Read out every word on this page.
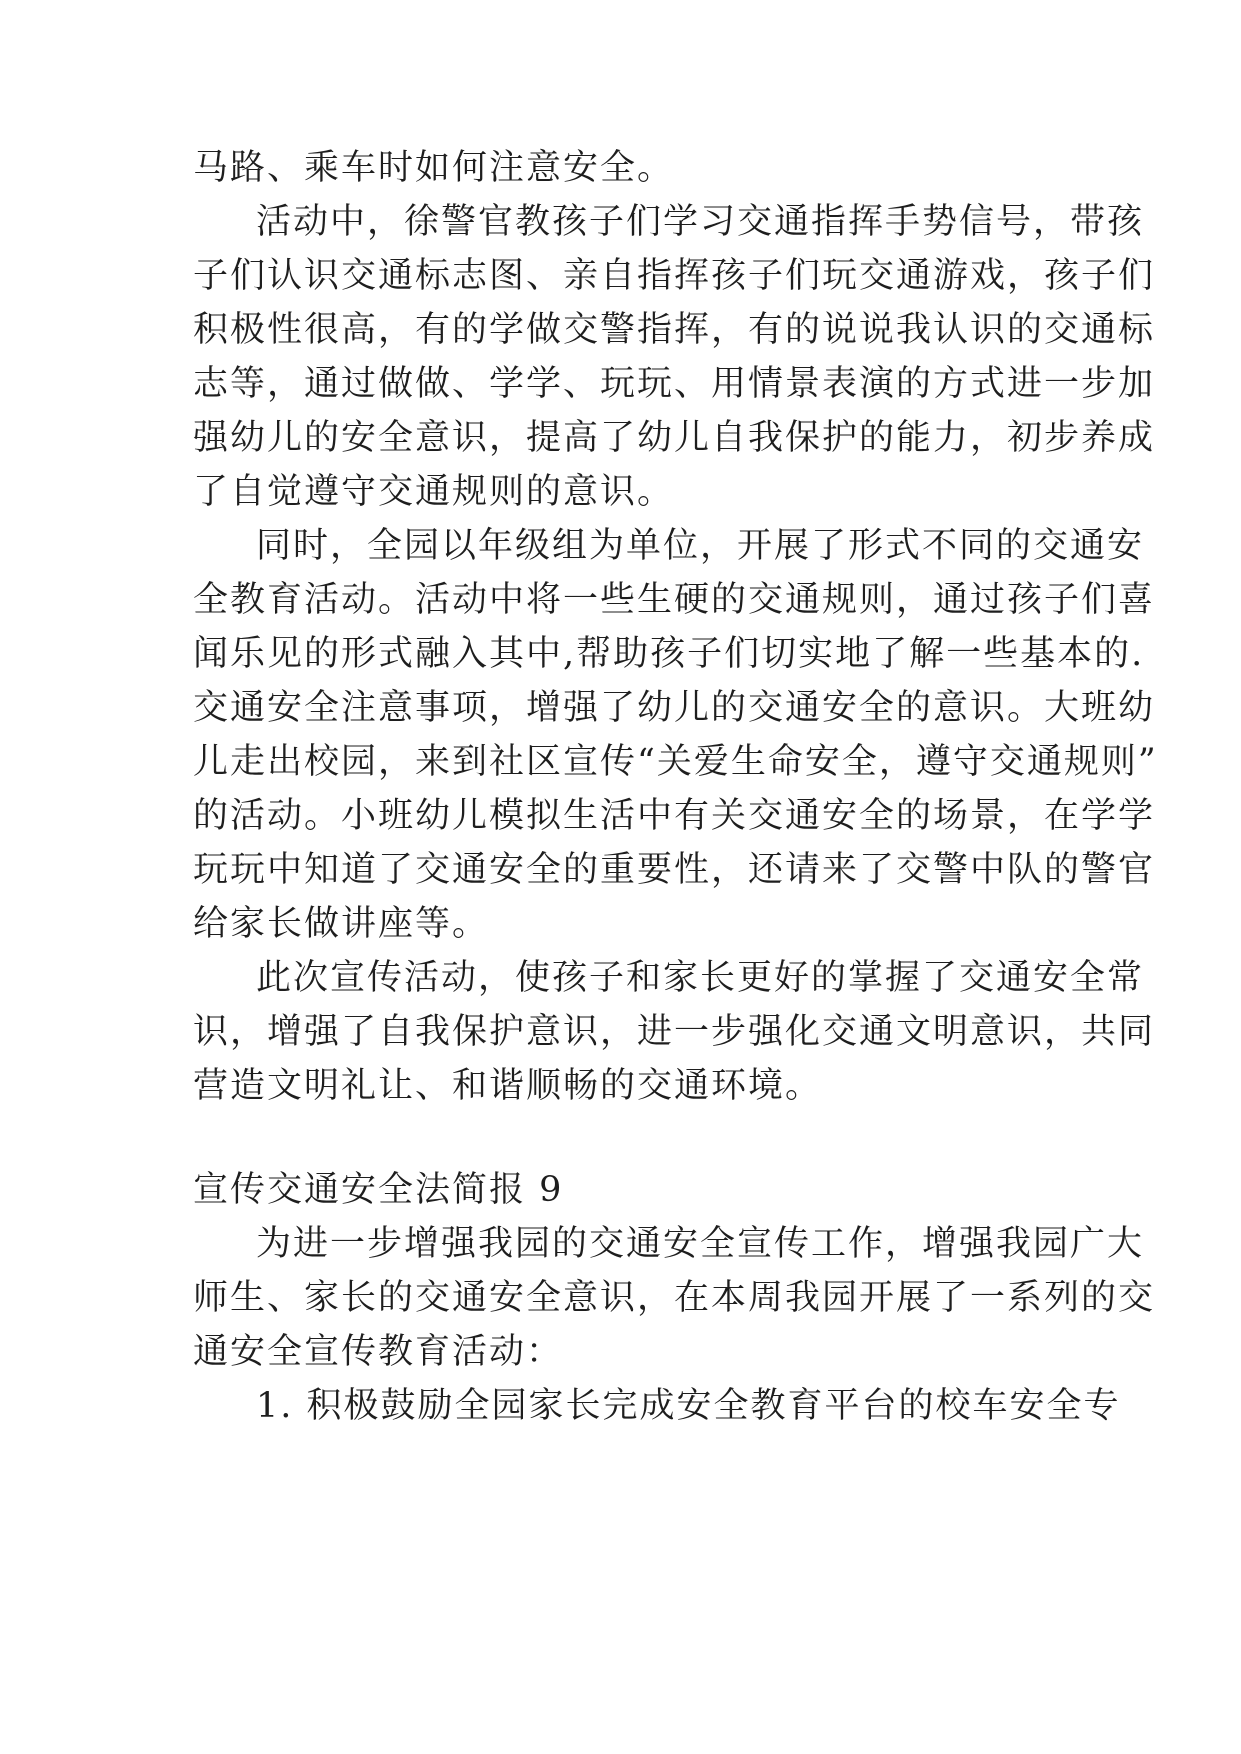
马路、乘车时如何注意安全。
活动中，徐警官教孩子们学习交通指挥手势信号，带孩
子们认识交通标志图、亲自指挥孩子们玩交通游戏，孩子们
积极性很高，有的学做交警指挥，有的说说我认识的交通标
志等，通过做做、学学、玩玩、用情景表演的方式进一步加
强幼儿的安全意识，提高了幼儿自我保护的能力，初步养成
了自觉遵守交通规则的意识。
同时，全园以年级组为单位，开展了形式不同的交通安
全教育活动。活动中将一些生硬的交通规则，通过孩子们喜
闻乐见的形式融入其中,帮助孩子们切实地了解一些基本的.
交通安全注意事项，增强了幼儿的交通安全的意识。大班幼
儿走出校园，来到社区宣传“关爱生命安全，遵守交通规则”
的活动。小班幼儿模拟生活中有关交通安全的场景，在学学
玩玩中知道了交通安全的重要性，还请来了交警中队的警官
给家长做讲座等。
此次宣传活动，使孩子和家长更好的掌握了交通安全常
识，增强了自我保护意识，进一步强化交通文明意识，共同
营造文明礼让、和谐顺畅的交通环境。
宣传交通安全法简报 9
为进一步增强我园的交通安全宣传工作，增强我园广大
师生、家长的交通安全意识，在本周我园开展了一系列的交
通安全宣传教育活动：
1. 积极鼓励全园家长完成安全教育平台的校车安全专
